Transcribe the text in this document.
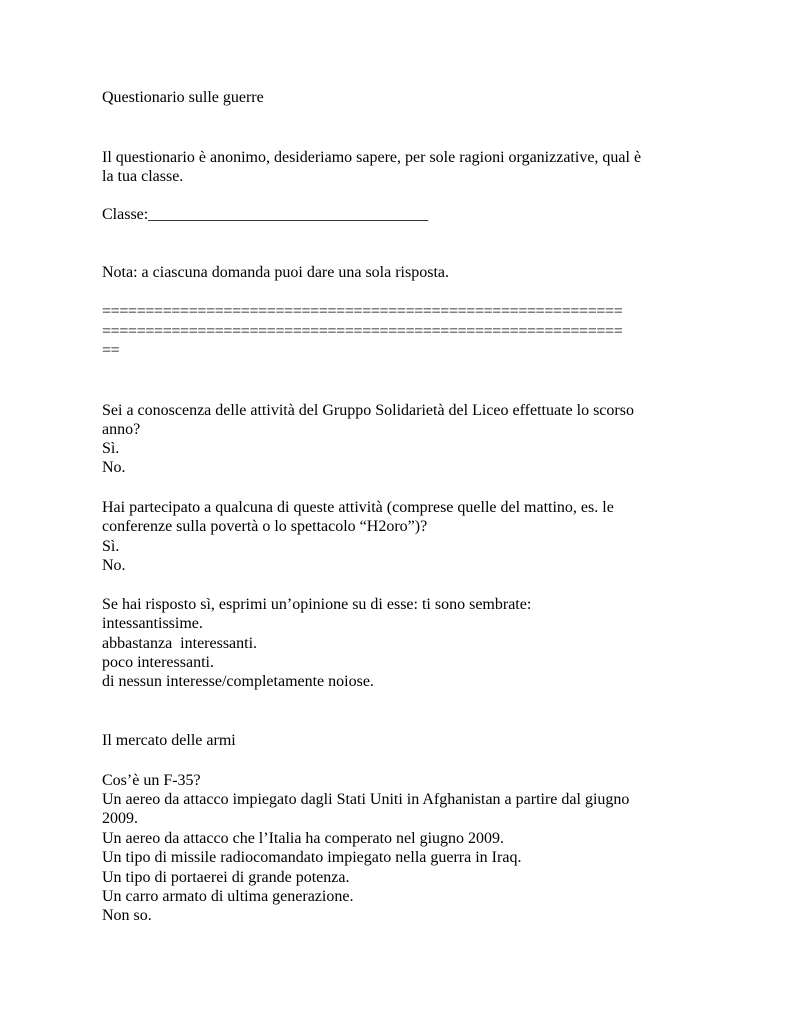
Questionario sulle guerre
Il questionario è anonimo, desideriamo sapere, per sole ragioni organizzative, qual è
la tua classe.
Classe:___________________________________
Nota: a ciascuna domanda puoi dare una sola risposta.
============================================================
============================================================
==
Sei a conoscenza delle attività del Gruppo Solidarietà del Liceo effettuate lo scorso
anno?
Sì.
No.
Hai partecipato a qualcuna di queste attività (comprese quelle del mattino, es. le
conferenze sulla povertà o lo spettacolo “H2oro”)?
Sì.
No.
Se hai risposto sì, esprimi un’opinione su di esse: ti sono sembrate:
intessantissime.
abbastanza  interessanti.
poco interessanti.
di nessun interesse/completamente noiose.
Il mercato delle armi
Cos’è un F-35?
Un aereo da attacco impiegato dagli Stati Uniti in Afghanistan a partire dal giugno
2009.
Un aereo da attacco che l’Italia ha comperato nel giugno 2009.
Un tipo di missile radiocomandato impiegato nella guerra in Iraq.
Un tipo di portaerei di grande potenza.
Un carro armato di ultima generazione.
Non so.
